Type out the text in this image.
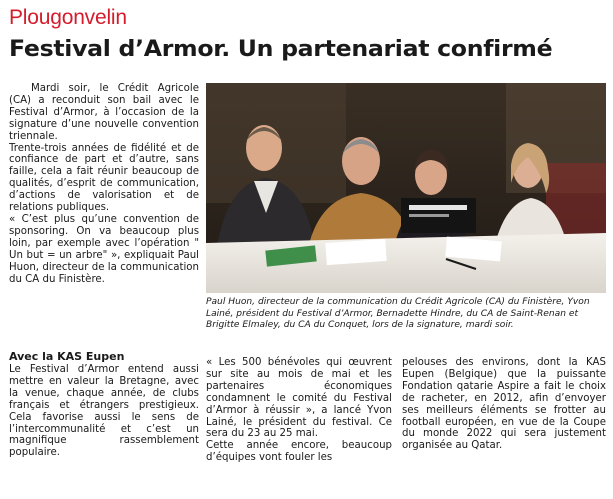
Plougonvelin
Festival d’Armor. Un partenariat confirmé

Mardi soir, le Crédit Agricole (CA) a reconduit son bail avec le Festival d’Armor, à l’occasion de la signature d’une nouvelle convention triennale.

Trente-trois années de fidélité et de confiance de part et d’autre, sans faille, cela a fait réunir beaucoup de qualités, d’esprit de communication, d’actions de valorisation et de relations publiques.

« C’est plus qu’une convention de sponsoring. On va beaucoup plus loin, par exemple avec l’opération " Un but = un arbre" », expliquait Paul Huon, directeur de la communication du CA du Finistère.

Avec la KAS Eupen

Le Festival d’Armor entend aussi mettre en valeur la Bretagne, avec la venue, chaque année, de clubs français et étrangers prestigieux. Cela favorise aussi le sens de l’intercommunalité et c’est un magnifique rassemblement populaire.

Paul Huon, directeur de la communication du Crédit Agricole (CA) du Finistère, Yvon Lainé, président du Festival d’Armor, Bernadette Hindre, du CA de Saint-Renan et Brigitte Elmaley, du CA du Conquet, lors de la signature, mardi soir.

« Les 500 bénévoles qui œuvrent sur site au mois de mai et les partenaires économiques condamnent le comité du Festival d’Armor à réussir », a lancé Yvon Lainé, le président du festival. Ce sera du 23 au 25 mai.

Cette année encore, beaucoup d’équipes vont fouler les

pelouses des environs, dont la KAS Eupen (Belgique) que la puissante Fondation qatarie Aspire a fait le choix de racheter, en 2012, afin d’envoyer ses meilleurs éléments se frotter au football européen, en vue de la Coupe du monde 2022 qui sera justement organisée au Qatar.
